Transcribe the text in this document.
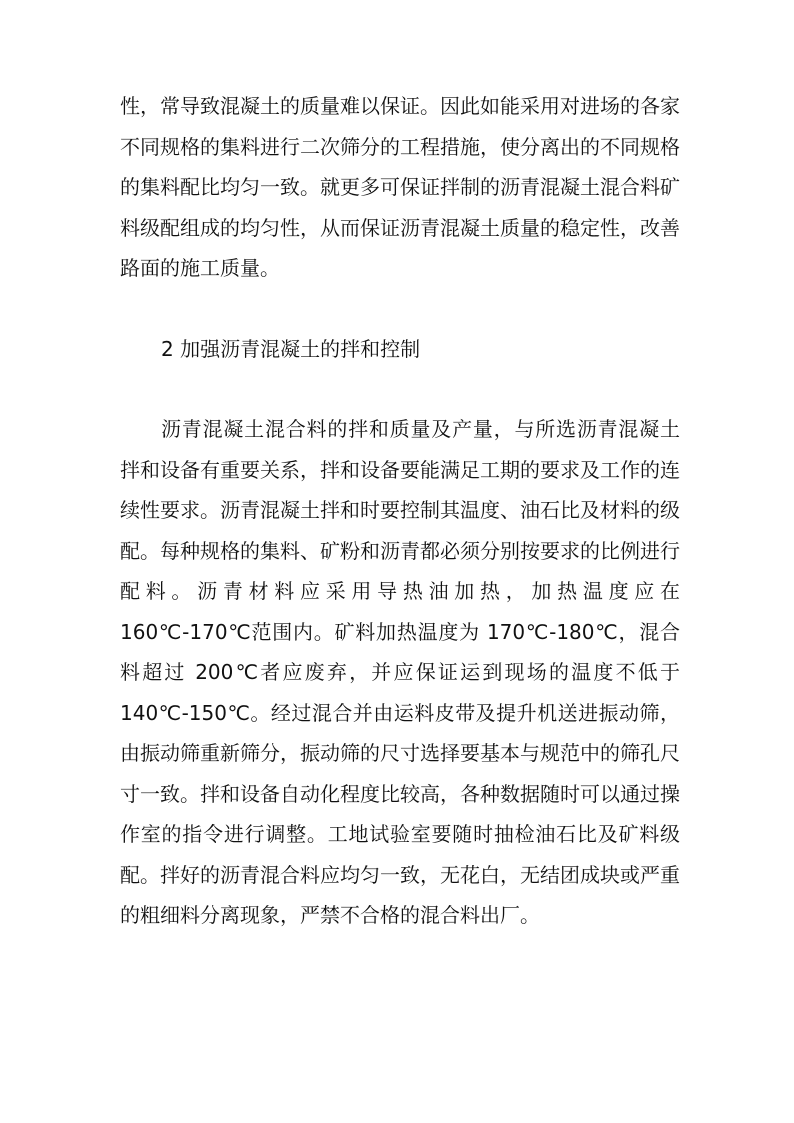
性，常导致混凝土的质量难以保证。因此如能采用对进场的各家不同规格的集料进行二次筛分的工程措施，使分离出的不同规格的集料配比均匀一致。就更多可保证拌制的沥青混凝土混合料矿料级配组成的均匀性，从而保证沥青混凝土质量的稳定性，改善路面的施工质量。

2 加强沥青混凝土的拌和控制

沥青混凝土混合料的拌和质量及产量，与所选沥青混凝土拌和设备有重要关系，拌和设备要能满足工期的要求及工作的连续性要求。沥青混凝土拌和时要控制其温度、油石比及材料的级配。每种规格的集料、矿粉和沥青都必须分别按要求的比例进行配料。沥青材料应采用导热油加热，加热温度应在 160℃-170℃范围内。矿料加热温度为 170℃-180℃，混合料超过 200℃者应废弃，并应保证运到现场的温度不低于 140℃-150℃。经过混合并由运料皮带及提升机送进振动筛，由振动筛重新筛分，振动筛的尺寸选择要基本与规范中的筛孔尺寸一致。拌和设备自动化程度比较高，各种数据随时可以通过操作室的指令进行调整。工地试验室要随时抽检油石比及矿料级配。拌好的沥青混合料应均匀一致，无花白，无结团成块或严重的粗细料分离现象，严禁不合格的混合料出厂。
